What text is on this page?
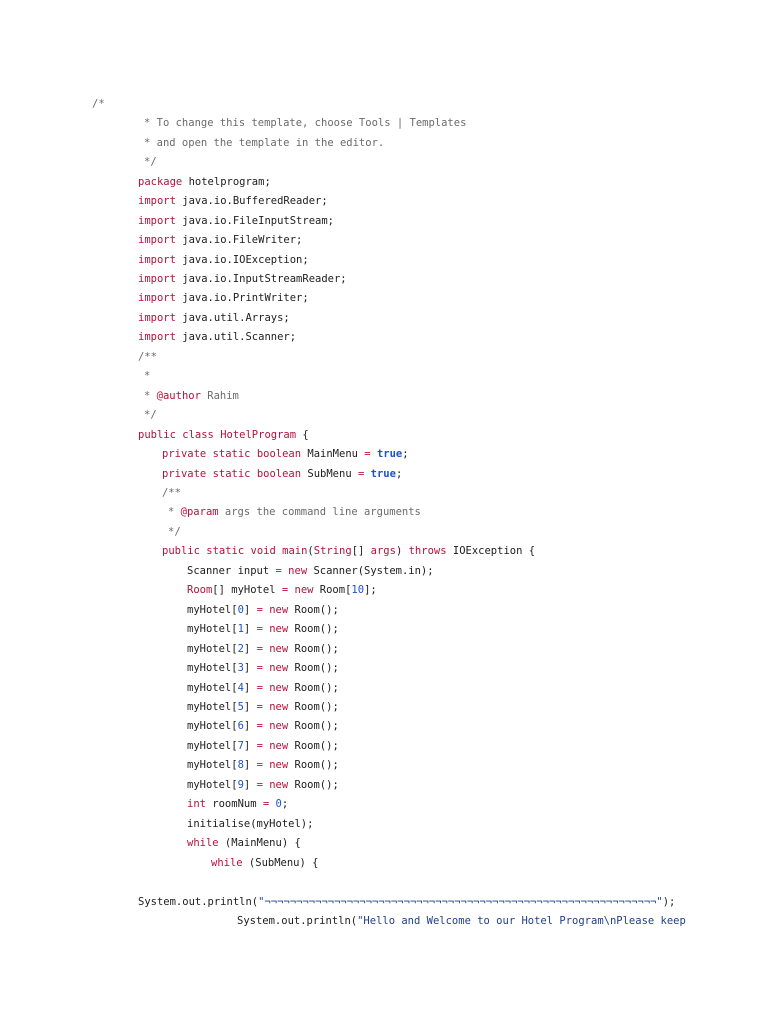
/*
* To change this template, choose Tools | Templates
* and open the template in the editor.
*/
package hotelprogram;
import java.io.BufferedReader;
import java.io.FileInputStream;
import java.io.FileWriter;
import java.io.IOException;
import java.io.InputStreamReader;
import java.io.PrintWriter;
import java.util.Arrays;
import java.util.Scanner;
/**
*
* @author Rahim
*/
public class HotelProgram {
private static boolean MainMenu = true;
private static boolean SubMenu = true;
/**
* @param args the command line arguments
*/
public static void main(String[] args) throws IOException {
Scanner input = new Scanner(System.in);
Room[] myHotel = new Room[10];
myHotel[0] = new Room();
myHotel[1] = new Room();
myHotel[2] = new Room();
myHotel[3] = new Room();
myHotel[4] = new Room();
myHotel[5] = new Room();
myHotel[6] = new Room();
myHotel[7] = new Room();
myHotel[8] = new Room();
myHotel[9] = new Room();
int roomNum = 0;
initialise(myHotel);
while (MainMenu) {
while (SubMenu) {
System.out.println("¬¬¬¬¬¬¬¬¬¬¬¬¬¬¬¬¬¬¬¬¬¬¬¬¬¬¬¬¬¬¬¬¬¬¬¬¬¬¬¬¬¬¬¬¬¬¬¬¬¬¬¬¬¬¬¬¬¬¬¬¬¬");
System.out.println("Hello and Welcome to our Hotel Program\nPlease keep
